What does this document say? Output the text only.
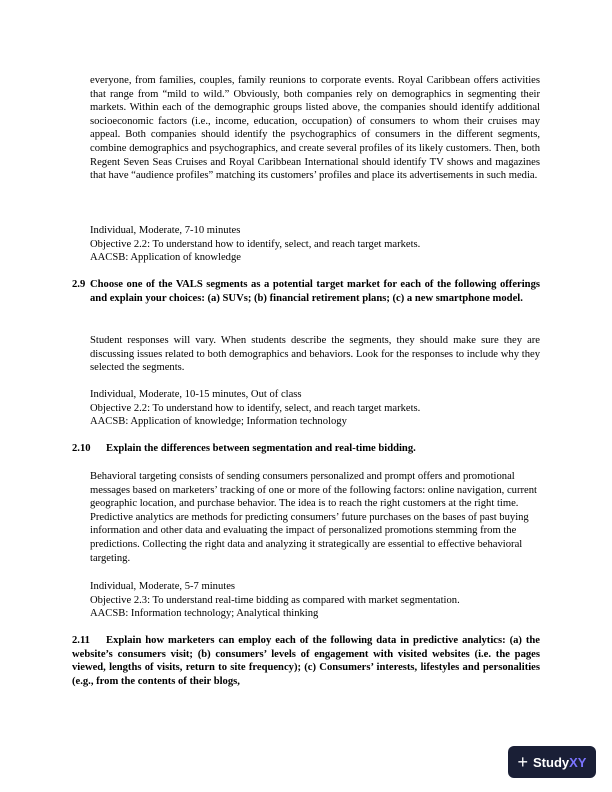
everyone, from families, couples, family reunions to corporate events. Royal Caribbean offers activities that range from “mild to wild.” Obviously, both companies rely on demographics in segmenting their markets. Within each of the demographic groups listed above, the companies should identify additional socioeconomic factors (i.e., income, education, occupation) of consumers to whom their cruises may appeal. Both companies should identify the psychographics of consumers in the different segments, combine demographics and psychographics, and create several profiles of its likely customers. Then, both Regent Seven Seas Cruises and Royal Caribbean International should identify TV shows and magazines that have “audience profiles” matching its customers’ profiles and place its advertisements in such media.

Individual, Moderate, 7-10 minutes
Objective 2.2: To understand how to identify, select, and reach target markets.
AACSB: Application of knowledge
2.9 Choose one of the VALS segments as a potential target market for each of the following offerings and explain your choices: (a) SUVs; (b) financial retirement plans; (c) a new smartphone model.

Student responses will vary. When students describe the segments, they should make sure they are discussing issues related to both demographics and behaviors. Look for the responses to include why they selected the segments.

Individual, Moderate, 10-15 minutes, Out of class
Objective 2.2: To understand how to identify, select, and reach target markets.
AACSB: Application of knowledge; Information technology
2.10	Explain the differences between segmentation and real-time bidding.

Behavioral targeting consists of sending consumers personalized and prompt offers and promotional messages based on marketers’ tracking of one or more of the following factors: online navigation, current geographic location, and purchase behavior. The idea is to reach the right customers at the right time. Predictive analytics are methods for predicting consumers’ future purchases on the bases of past buying information and other data and evaluating the impact of personalized promotions stemming from the predictions. Collecting the right data and analyzing it strategically are essential to effective behavioral targeting.

Individual, Moderate, 5-7 minutes
Objective 2.3: To understand real-time bidding as compared with market segmentation.
AACSB: Information technology; Analytical thinking
2.11	Explain how marketers can employ each of the following data in predictive analytics: (a) the website’s consumers visit; (b) consumers’ levels of engagement with visited websites (i.e. the pages viewed, lengths of visits, return to site frequency); (c) Consumers’ interests, lifestyles and personalities (e.g., from the contents of their blogs,
+ Study XY
